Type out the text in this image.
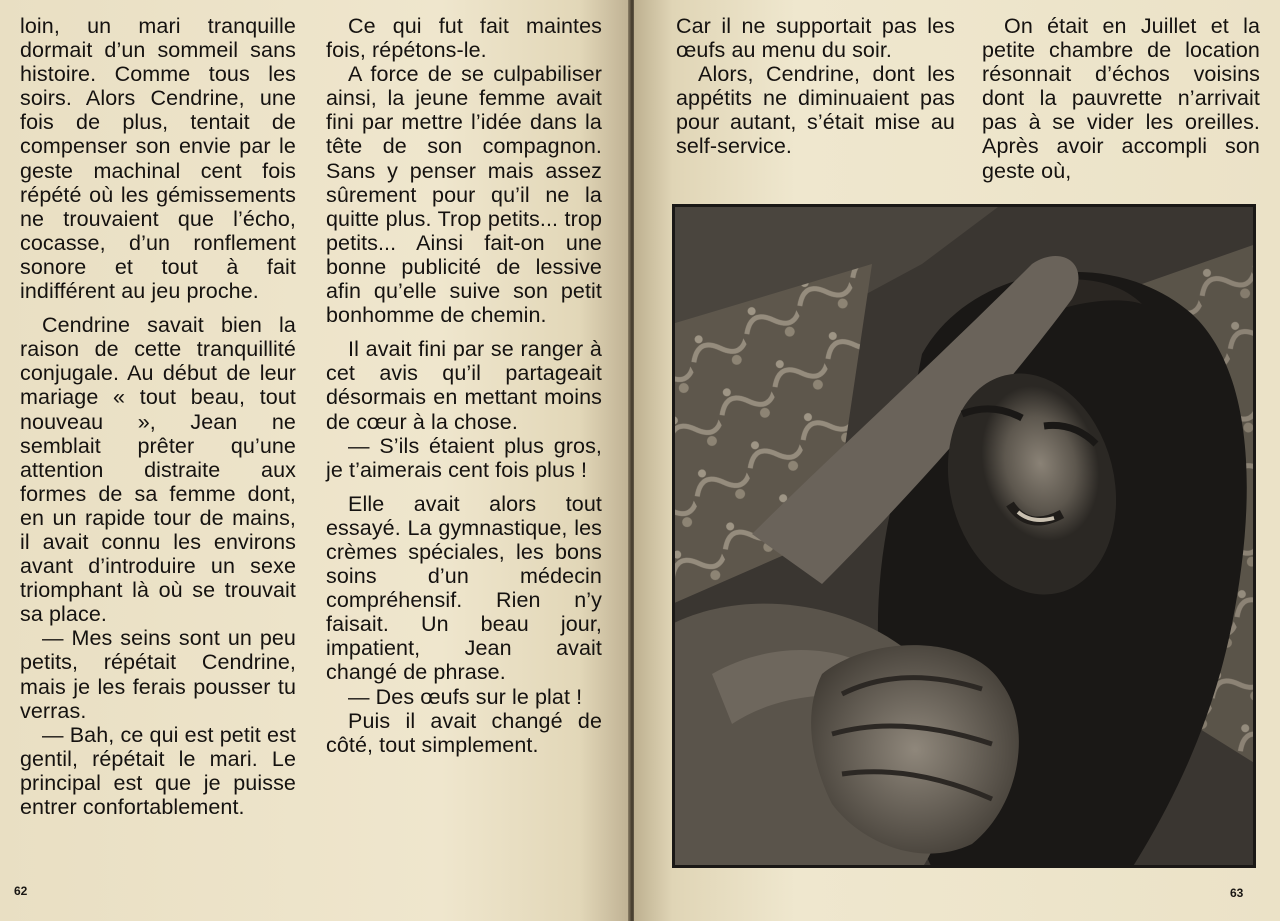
loin, un mari tranquille dormait d’un sommeil sans histoire. Comme tous les soirs. Alors Cendrine, une fois de plus, tentait de compenser son envie par le geste machinal cent fois répété où les gémissements ne trouvaient que l’écho, cocasse, d’un ronflement sonore et tout à fait indifférent au jeu proche.

Cendrine savait bien la raison de cette tranquillité conjugale. Au début de leur mariage « tout beau, tout nouveau », Jean ne semblait prêter qu’une attention distraite aux formes de sa femme dont, en un rapide tour de mains, il avait connu les environs avant d’introduire un sexe triomphant là où se trouvait sa place.

— Mes seins sont un peu petits, répétait Cendrine, mais je les ferais pousser tu verras.

— Bah, ce qui est petit est gentil, répétait le mari. Le principal est que je puisse entrer confortablement.

Ce qui fut fait maintes fois, répétons-le.

A force de se culpabiliser ainsi, la jeune femme avait fini par mettre l’idée dans la tête de son compagnon. Sans y penser mais assez sûrement pour qu’il ne la quitte plus. Trop petits... trop petits... Ainsi fait-on une bonne publicité de lessive afin qu’elle suive son petit bonhomme de chemin.

Il avait fini par se ranger à cet avis qu’il partageait désormais en mettant moins de cœur à la chose.

— S’ils étaient plus gros, je t’aimerais cent fois plus !

Elle avait alors tout essayé. La gymnastique, les crèmes spéciales, les bons soins d’un médecin compréhensif. Rien n’y faisait. Un beau jour, impatient, Jean avait changé de phrase.

— Des œufs sur le plat !

Puis il avait changé de côté, tout simplement.

62

Car il ne supportait pas les œufs au menu du soir.

Alors, Cendrine, dont les appétits ne diminuaient pas pour autant, s’était mise au self-service.

On était en Juillet et la petite chambre de location résonnait d’échos voisins dont la pauvrette n’arrivait pas à se vider les oreilles. Après avoir accompli son geste où,

63
